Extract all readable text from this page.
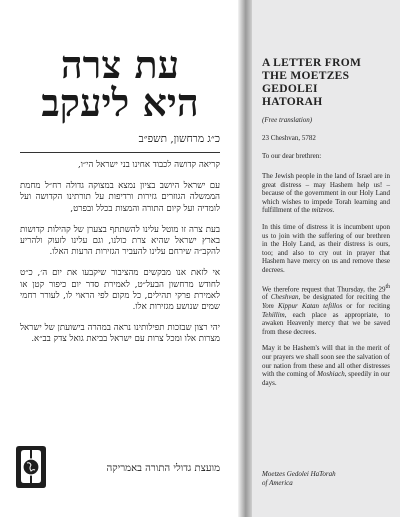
עת צרה
היא ליעקב
כ״ג מרחשון, תשפ״ב

קריאה קדושה לכבוד אחינו בני ישראל הי״ו,

עם ישראל היושב בציון נמצא במצוקה גדולה רח״ל מחמת הממשלה הגוזרים גזירות ורדיפות על תורתינו הקדושה ועל לומדיה ועל קיום התורה והמצות בכלל ובפרט,

בעת צרה זו מוטל עלינו להשתתף בצערן של קהילות קדושות בארץ ישראל שהיא צרת כולנו, וגם עלינו לזעוק ולהריע להקב״ה שירחם עלינו להעביר הגזירות הרעות האלו.

אי לזאת אנו מבקשים מהציבור שיקבעו את יום ה׳, כ״ט לחודש מרחשון הבעל״ט, לאמירת סדר יום כיפור קטן או לאמירת פרקי תהילים, כל מקום לפי הראוי לו, לעורר רחמי שמים שנושע מגזירות אלו.

יהי רצון שבזכות תפילותינו נראה במהרה בישועתן של ישראל מצרות אלו ומכל צרות עם ישראל בביאת גואל צדק בב״א.

מועצת גדולי התורה באמריקה
A LETTER FROM
THE MOETZES
GEDOLEI
HATORAH
(Free translation)
23 Cheshvan, 5782
To our dear brethren:

The Jewish people in the land of Israel are in great distress – may Hashem help us! – because of the government in our Holy Land which wishes to impede Torah learning and fulfillment of the mitzvos.

In this time of distress it is incumbent upon us to join with the suffering of our brethren in the Holy Land, as their distress is ours, too; and also to cry out in prayer that Hashem have mercy on us and remove these decrees.

We therefore request that Thursday, the 29th of Cheshvan, be designated for reciting the Yom Kippur Katan tefillos or for reciting Tehillim, each place as appropriate, to awaken Heavenly mercy that we be saved from these decrees.

May it be Hashem's will that in the merit of our prayers we shall soon see the salvation of our nation from these and all other distresses with the coming of Moshiach, speedily in our days.

Moetzes Gedolei HaTorah
of America
